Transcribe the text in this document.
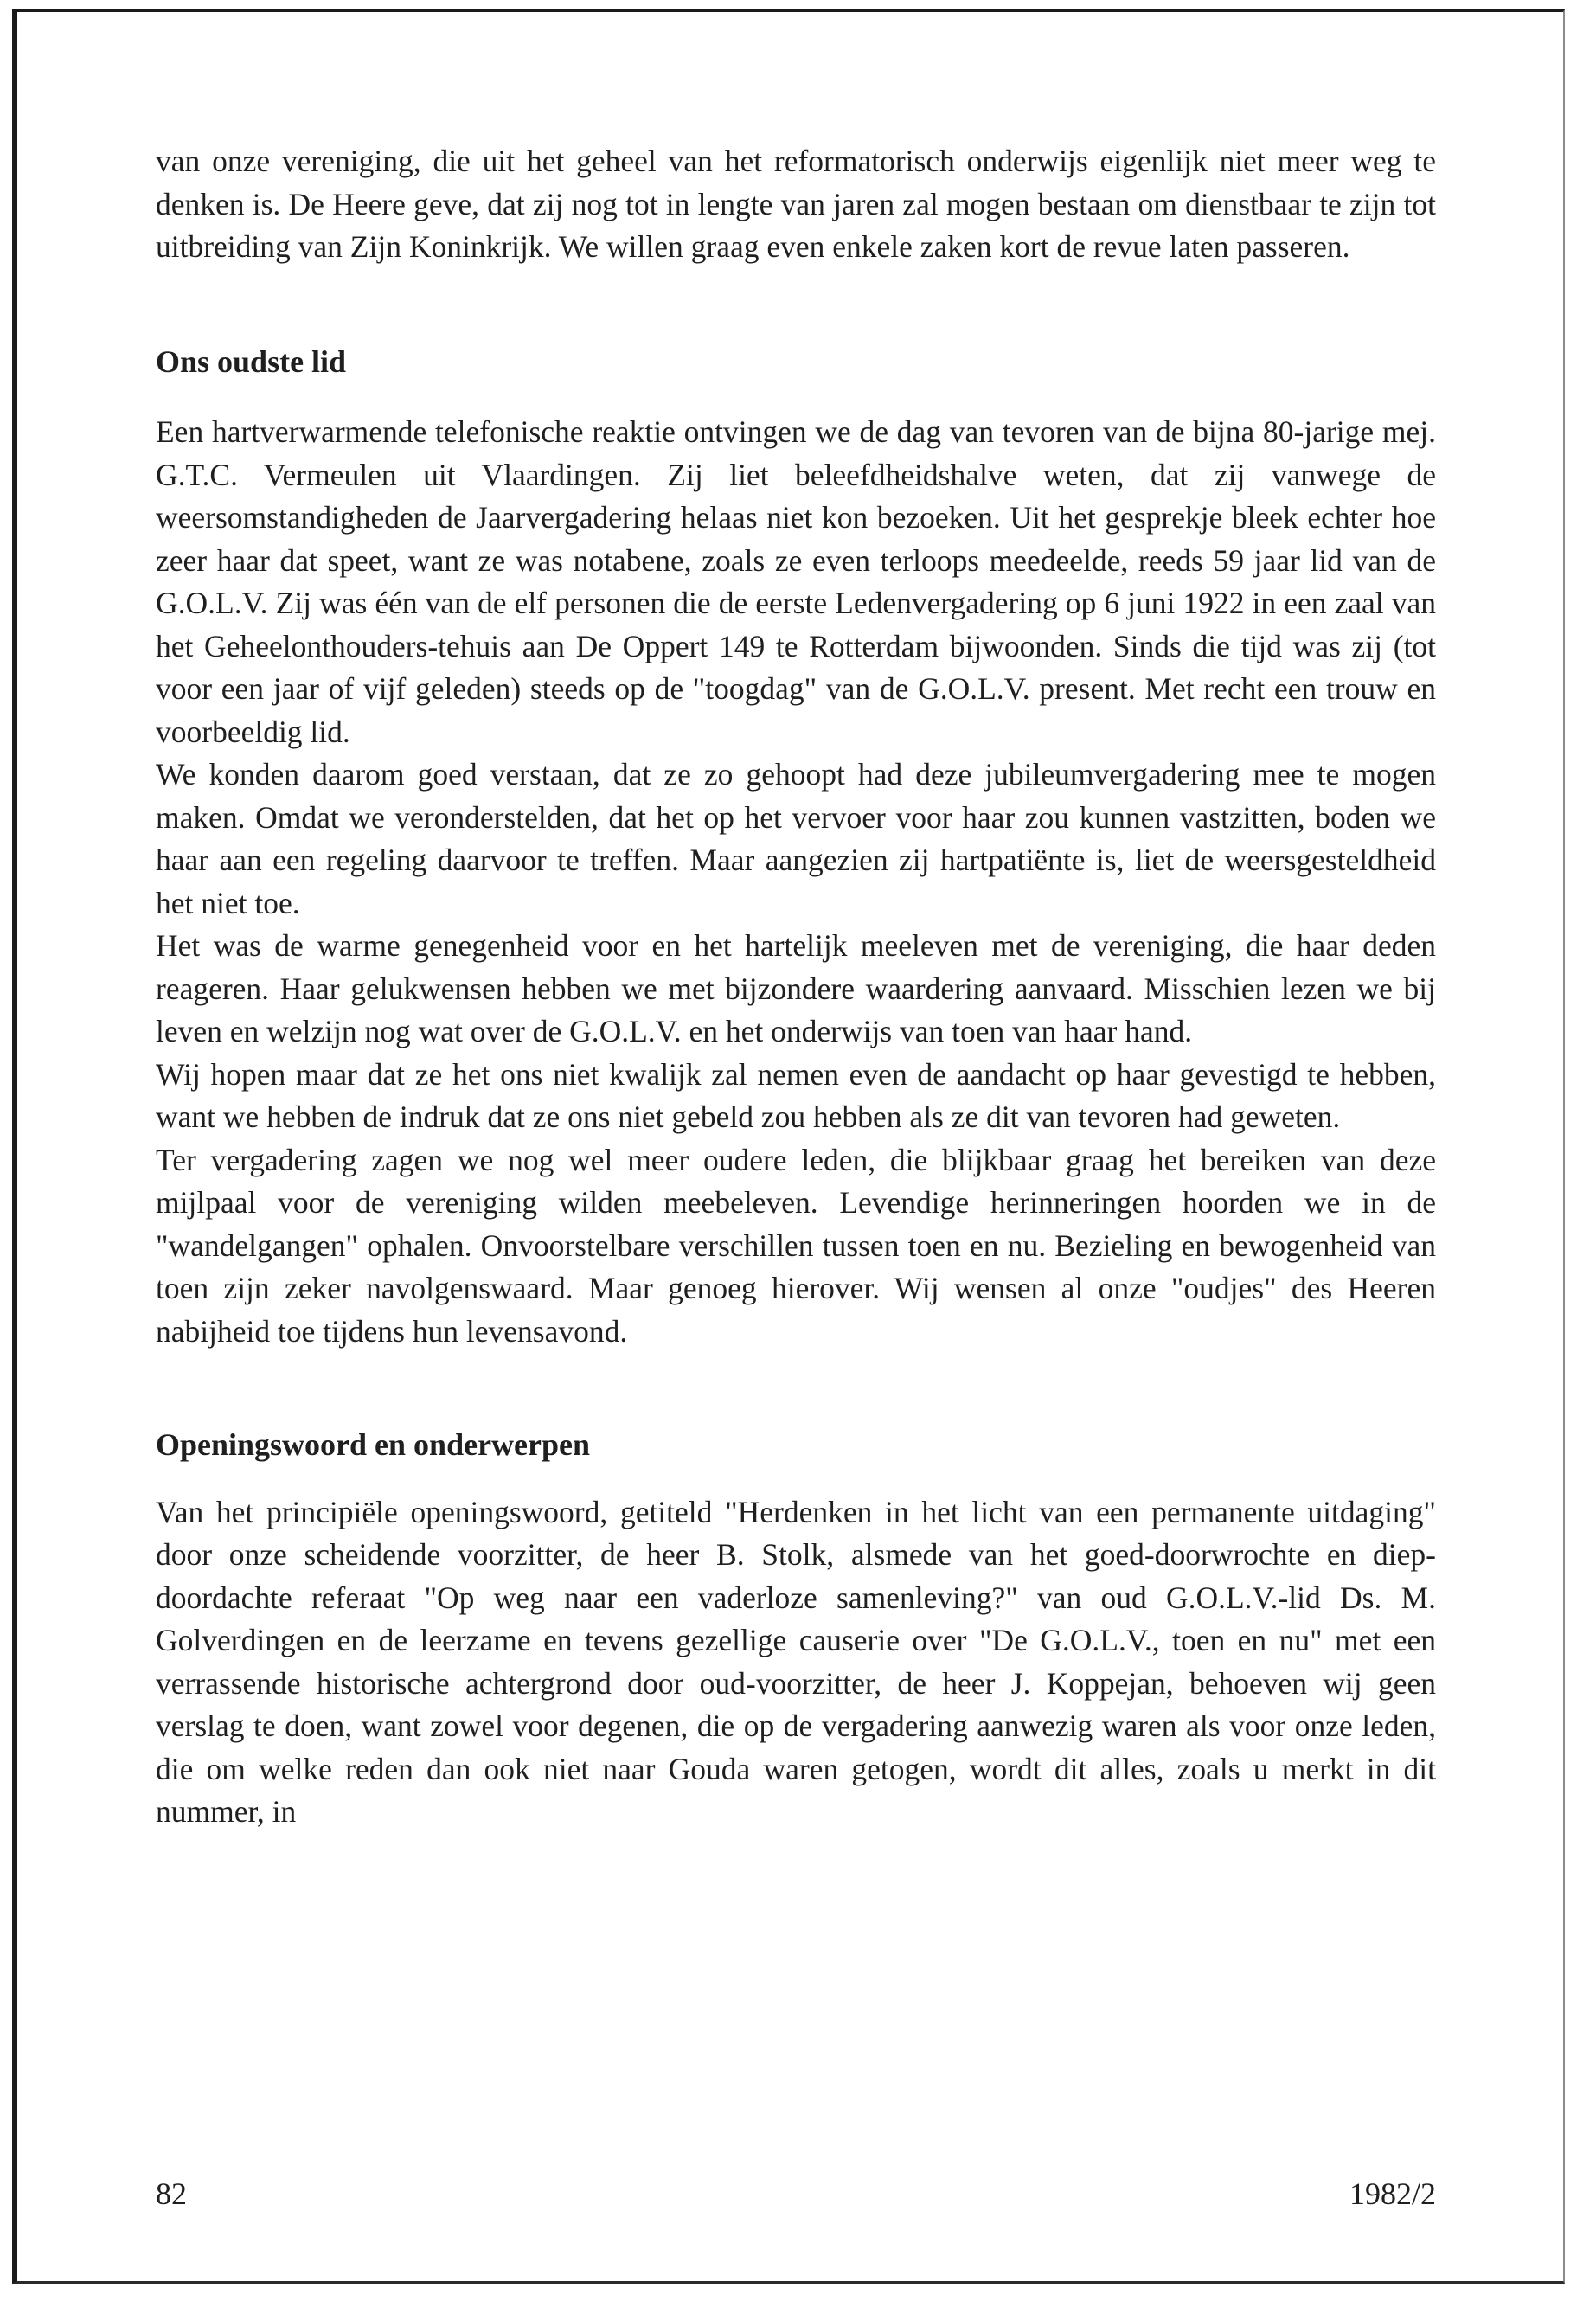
van onze vereniging, die uit het geheel van het reformatorisch onderwijs eigenlijk niet meer weg te denken is. De Heere geve, dat zij nog tot in lengte van jaren zal mogen bestaan om dienstbaar te zijn tot uitbreiding van Zijn Koninkrijk. We willen graag even enkele zaken kort de revue laten passeren.

Ons oudste lid

Een hartverwarmende telefonische reaktie ontvingen we de dag van tevoren van de bijna 80-jarige mej. G.T.C. Vermeulen uit Vlaardingen. Zij liet beleefdheidshalve weten, dat zij vanwege de weersomstandigheden de Jaarvergadering helaas niet kon bezoeken. Uit het gesprekje bleek echter hoe zeer haar dat speet, want ze was notabene, zoals ze even terloops meedeelde, reeds 59 jaar lid van de G.O.L.V. Zij was één van de elf personen die de eerste Ledenvergadering op 6 juni 1922 in een zaal van het Geheelonthouders-tehuis aan De Oppert 149 te Rotterdam bijwoonden. Sinds die tijd was zij (tot voor een jaar of vijf geleden) steeds op de "toogdag" van de G.O.L.V. present. Met recht een trouw en voorbeeldig lid.

We konden daarom goed verstaan, dat ze zo gehoopt had deze jubileumvergadering mee te mogen maken. Omdat we veronderstelden, dat het op het vervoer voor haar zou kunnen vastzitten, boden we haar aan een regeling daarvoor te treffen. Maar aangezien zij hartpatiënte is, liet de weersgesteldheid het niet toe.

Het was de warme genegenheid voor en het hartelijk meeleven met de vereniging, die haar deden reageren. Haar gelukwensen hebben we met bijzondere waardering aanvaard. Misschien lezen we bij leven en welzijn nog wat over de G.O.L.V. en het onderwijs van toen van haar hand.

Wij hopen maar dat ze het ons niet kwalijk zal nemen even de aandacht op haar gevestigd te hebben, want we hebben de indruk dat ze ons niet gebeld zou hebben als ze dit van tevoren had geweten.

Ter vergadering zagen we nog wel meer oudere leden, die blijkbaar graag het bereiken van deze mijlpaal voor de vereniging wilden meebeleven. Levendige herinneringen hoorden we in de "wandelgangen" ophalen. Onvoorstelbare verschillen tussen toen en nu. Bezieling en bewogenheid van toen zijn zeker navolgenswaard. Maar genoeg hierover. Wij wensen al onze "oudjes" des Heeren nabijheid toe tijdens hun levensavond.

Openingswoord en onderwerpen

Van het principiële openingswoord, getiteld "Herdenken in het licht van een permanente uitdaging" door onze scheidende voorzitter, de heer B. Stolk, alsmede van het goed-doorwrochte en diep-doordachte referaat "Op weg naar een vaderloze samenleving?" van oud G.O.L.V.-lid Ds. M. Golverdingen en de leerzame en tevens gezellige causerie over "De G.O.L.V., toen en nu" met een verrassende historische achtergrond door oud-voorzitter, de heer J. Koppejan, behoeven wij geen verslag te doen, want zowel voor degenen, die op de vergadering aanwezig waren als voor onze leden, die om welke reden dan ook niet naar Gouda waren getogen, wordt dit alles, zoals u merkt in dit nummer, in

82	1982/2
